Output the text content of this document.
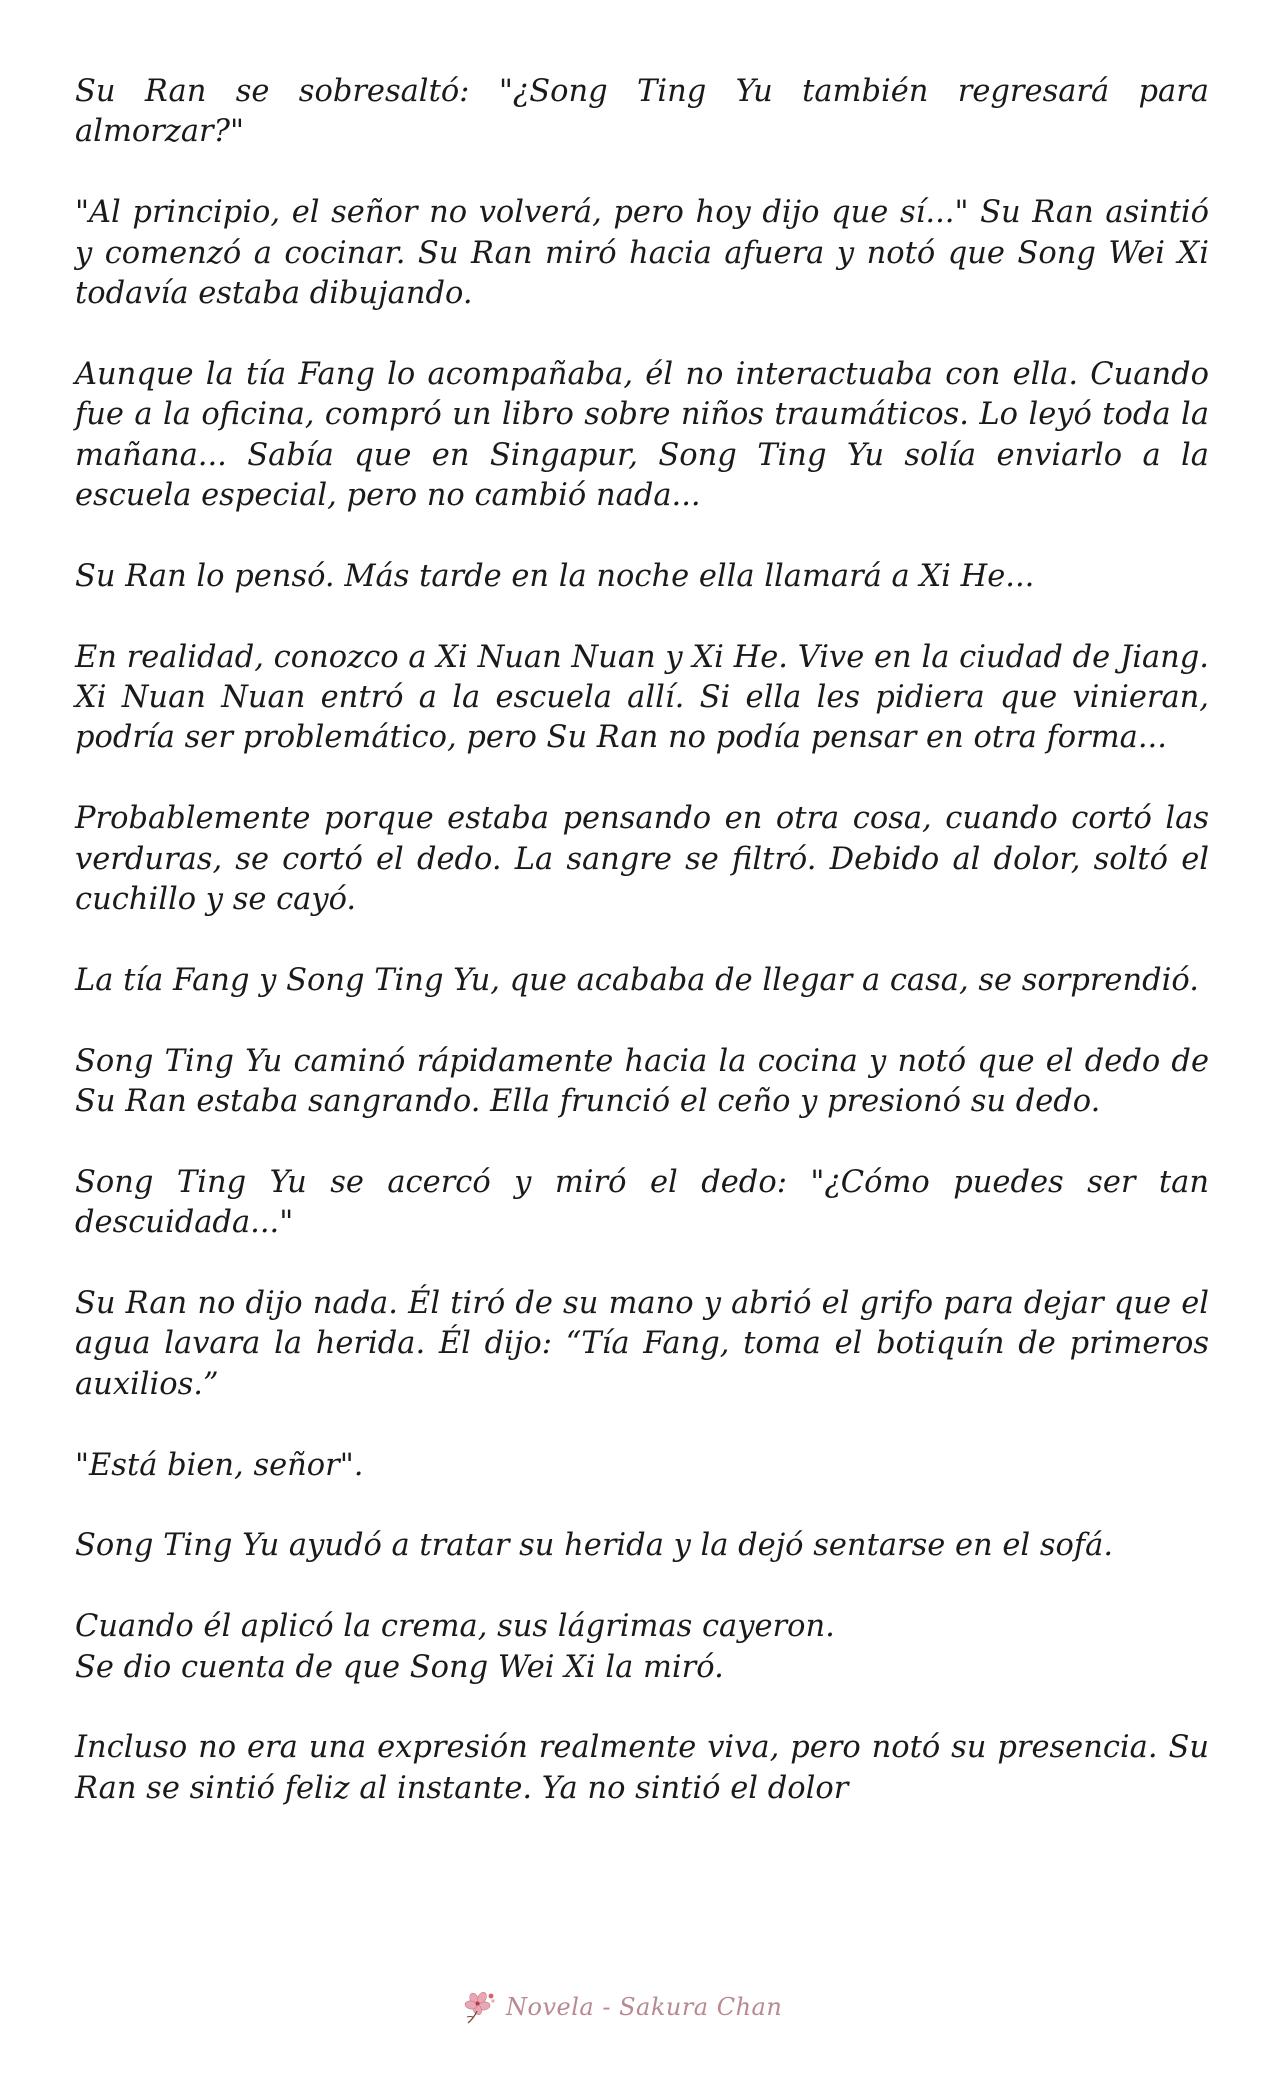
Su Ran se sobresaltó: "¿Song Ting Yu también regresará para almorzar?"

"Al principio, el señor no volverá, pero hoy dijo que sí..." Su Ran asintió y comenzó a cocinar. Su Ran miró hacia afuera y notó que Song Wei Xi todavía estaba dibujando.

Aunque la tía Fang lo acompañaba, él no interactuaba con ella. Cuando fue a la oficina, compró un libro sobre niños traumáticos. Lo leyó toda la mañana... Sabía que en Singapur, Song Ting Yu solía enviarlo a la escuela especial, pero no cambió nada...

Su Ran lo pensó. Más tarde en la noche ella llamará a Xi He...

En realidad, conozco a Xi Nuan Nuan y Xi He. Vive en la ciudad de Jiang. Xi Nuan Nuan entró a la escuela allí. Si ella les pidiera que vinieran, podría ser problemático, pero Su Ran no podía pensar en otra forma...

Probablemente porque estaba pensando en otra cosa, cuando cortó las verduras, se cortó el dedo. La sangre se filtró. Debido al dolor, soltó el cuchillo y se cayó.

La tía Fang y Song Ting Yu, que acababa de llegar a casa, se sorprendió.

Song Ting Yu caminó rápidamente hacia la cocina y notó que el dedo de Su Ran estaba sangrando. Ella frunció el ceño y presionó su dedo.

Song Ting Yu se acercó y miró el dedo: "¿Cómo puedes ser tan descuidada..."

Su Ran no dijo nada. Él tiró de su mano y abrió el grifo para dejar que el agua lavara la herida. Él dijo: “Tía Fang, toma el botiquín de primeros auxilios.”

"Está bien, señor".

Song Ting Yu ayudó a tratar su herida y la dejó sentarse en el sofá.

Cuando él aplicó la crema, sus lágrimas cayeron.
Se dio cuenta de que Song Wei Xi la miró.

Incluso no era una expresión realmente viva, pero notó su presencia. Su Ran se sintió feliz al instante. Ya no sintió el dolor

Novela - Sakura Chan
